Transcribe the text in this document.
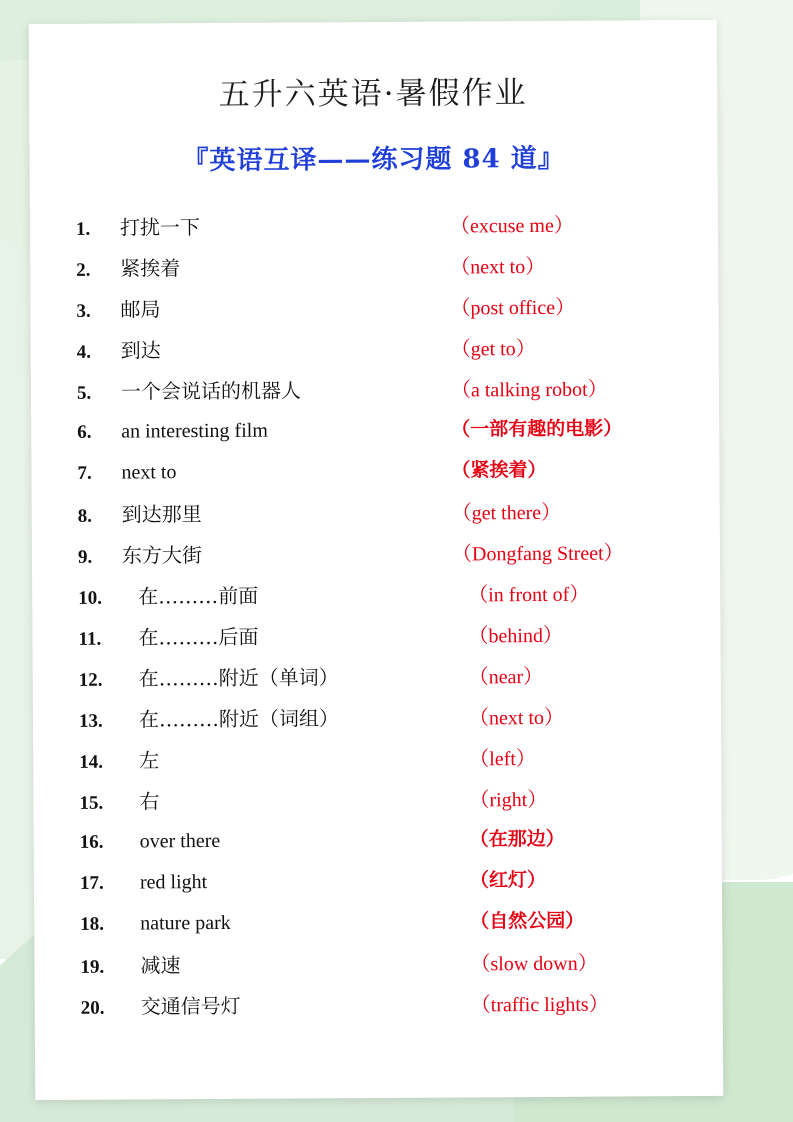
五升六英语·暑假作业
『英语互译——练习题 84 道』
1.	打扰一下	（excuse me）
2.	紧挨着	（next to）
3.	邮局	（post office）
4.	到达	（get to）
5.	一个会说话的机器人	（a talking robot）
6.	an interesting film	（一部有趣的电影）
7.	next to	（紧挨着）
8.	到达那里	（get there）
9.	东方大街	（Dongfang Street）
10.	在………前面	（in front of）
11.	在………后面	（behind）
12.	在………附近（单词）	（near）
13.	在………附近（词组）	（next to）
14.	左	（left）
15.	右	（right）
16.	over there	（在那边）
17.	red light	（红灯）
18.	nature park	（自然公园）
19.	减速	（slow down）
20.	交通信号灯	（traffic lights）
